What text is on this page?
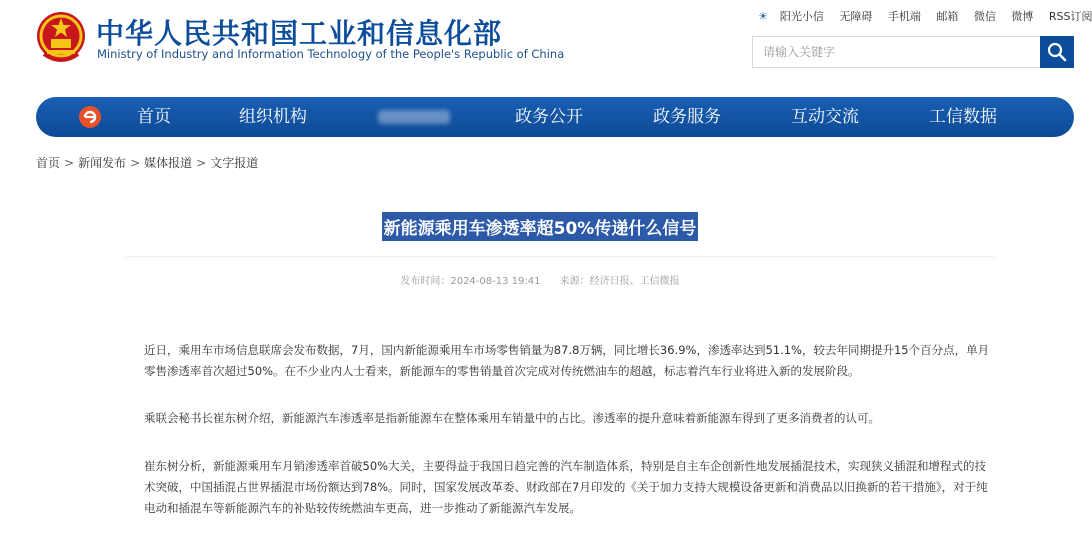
中华人民共和国工业和信息化部
Ministry of Industry and Information Technology of the People's Republic of China
☀ 阳光小信 无障碍 手机端 邮箱 微信 微博 RSS订阅
请输入关键字
首页	组织机构	政务公开	政务服务	互动交流	工信数据
首页 > 新闻发布 > 媒体报道 > 文字报道
新能源乘用车渗透率超50%传递什么信号
发布时间：2024-08-13 19:41 来源：经济日报、工信微报
近日，乘用车市场信息联席会发布数据，7月，国内新能源乘用车市场零售销量为87.8万辆，同比增长36.9%，渗透率达到51.1%，较去年同期提升15个百分点，单月零售渗透率首次超过50%。在不少业内人士看来，新能源车的零售销量首次完成对传统燃油车的超越，标志着汽车行业将进入新的发展阶段。
乘联会秘书长崔东树介绍，新能源汽车渗透率是指新能源车在整体乘用车销量中的占比。渗透率的提升意味着新能源车得到了更多消费者的认可。
崔东树分析，新能源乘用车月销渗透率首破50%大关，主要得益于我国日趋完善的汽车制造体系，特别是自主车企创新性地发展插混技术，实现狭义插混和增程式的技术突破，中国插混占世界插混市场份额达到78%。同时，国家发展改革委、财政部在7月印发的《关于加力支持大规模设备更新和消费品以旧换新的若干措施》，对于纯电动和插混车等新能源汽车的补贴较传统燃油车更高，进一步推动了新能源汽车发展。
